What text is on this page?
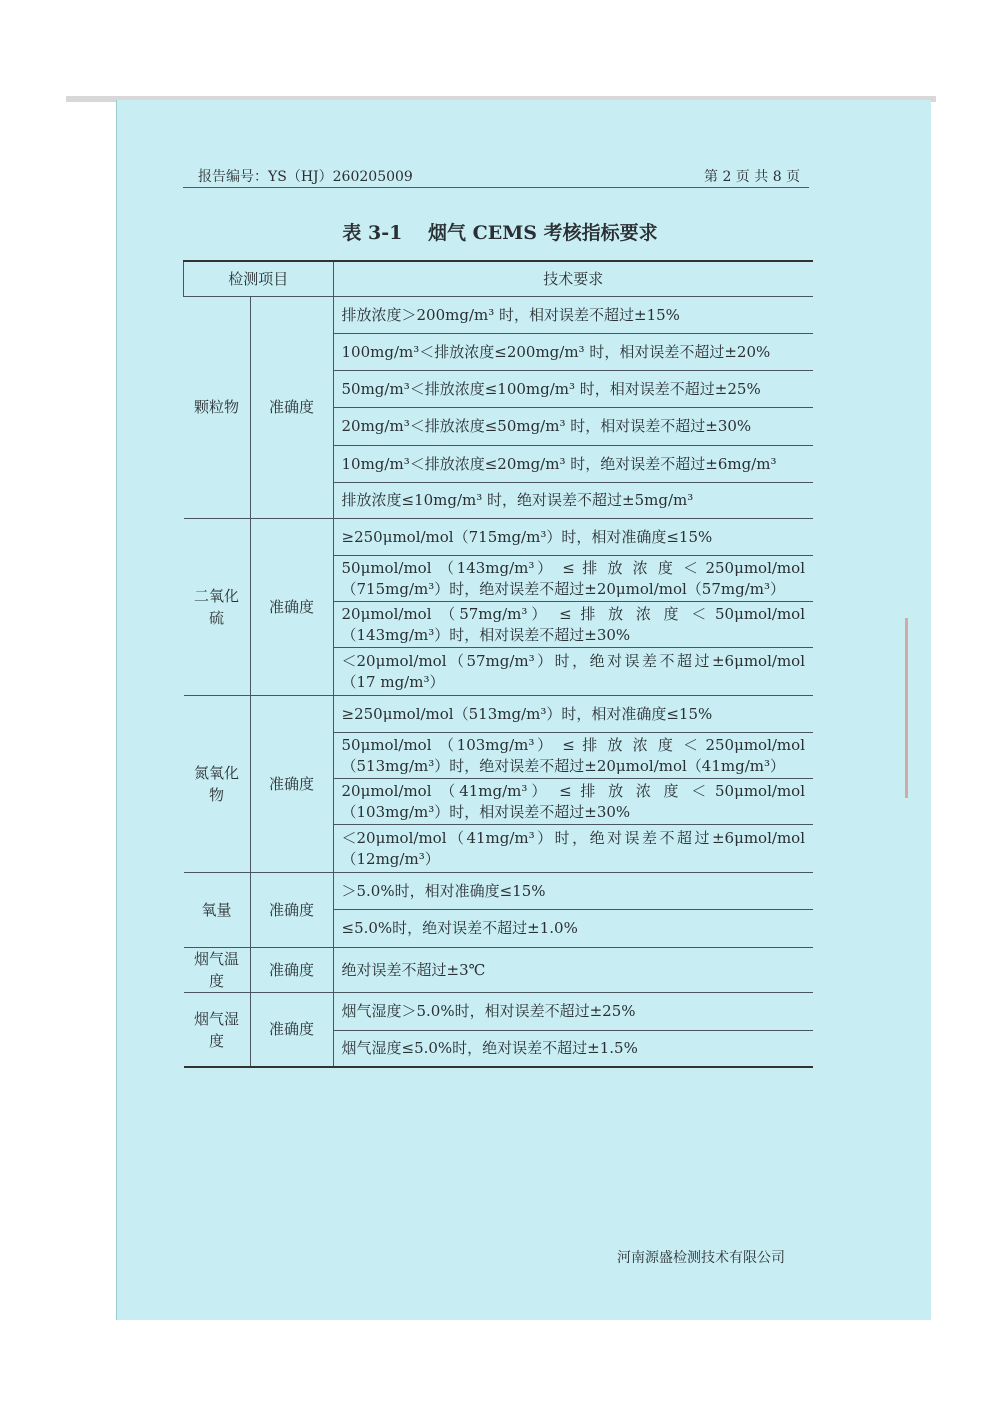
报告编号：YS（HJ）260205009	第 2 页 共 8 页
表 3-1　 烟气 CEMS 考核指标要求
检测项目		技术要求
颗粒物	准确度	排放浓度＞200mg/m³ 时，相对误差不超过±15%
		100mg/m³＜排放浓度≤200mg/m³ 时，相对误差不超过±20%
		50mg/m³＜排放浓度≤100mg/m³ 时，相对误差不超过±25%
		20mg/m³＜排放浓度≤50mg/m³ 时，相对误差不超过±30%
		10mg/m³＜排放浓度≤20mg/m³ 时，绝对误差不超过±6mg/m³
		排放浓度≤10mg/m³ 时，绝对误差不超过±5mg/m³
二氧化硫	准确度	≥250μmol/mol（715mg/m³）时，相对准确度≤15%
		50μmol/mol （143mg/m³） ≤ 排 放 浓 度 ＜ 250μmol/mol（715mg/m³）时，绝对误差不超过±20μmol/mol（57mg/m³）
		20μmol/mol （57mg/m³） ≤ 排 放 浓 度 ＜ 50μmol/mol（143mg/m³）时，相对误差不超过±30%
		＜20μmol/mol（57mg/m³）时，绝对误差不超过±6μmol/mol（17 mg/m³）
氮氧化物	准确度	≥250μmol/mol（513mg/m³）时，相对准确度≤15%
		50μmol/mol （103mg/m³） ≤ 排 放 浓 度 ＜ 250μmol/mol（513mg/m³）时，绝对误差不超过±20μmol/mol（41mg/m³）
		20μmol/mol （41mg/m³） ≤ 排 放 浓 度 ＜ 50μmol/mol（103mg/m³）时，相对误差不超过±30%
		＜20μmol/mol（41mg/m³）时，绝对误差不超过±6μmol/mol（12mg/m³）
氧量	准确度	＞5.0%时，相对准确度≤15%
		≤5.0%时，绝对误差不超过±1.0%
烟气温度	准确度	绝对误差不超过±3℃
烟气湿度	准确度	烟气湿度＞5.0%时，相对误差不超过±25%
		烟气湿度≤5.0%时，绝对误差不超过±1.5%
河南源盛检测技术有限公司
